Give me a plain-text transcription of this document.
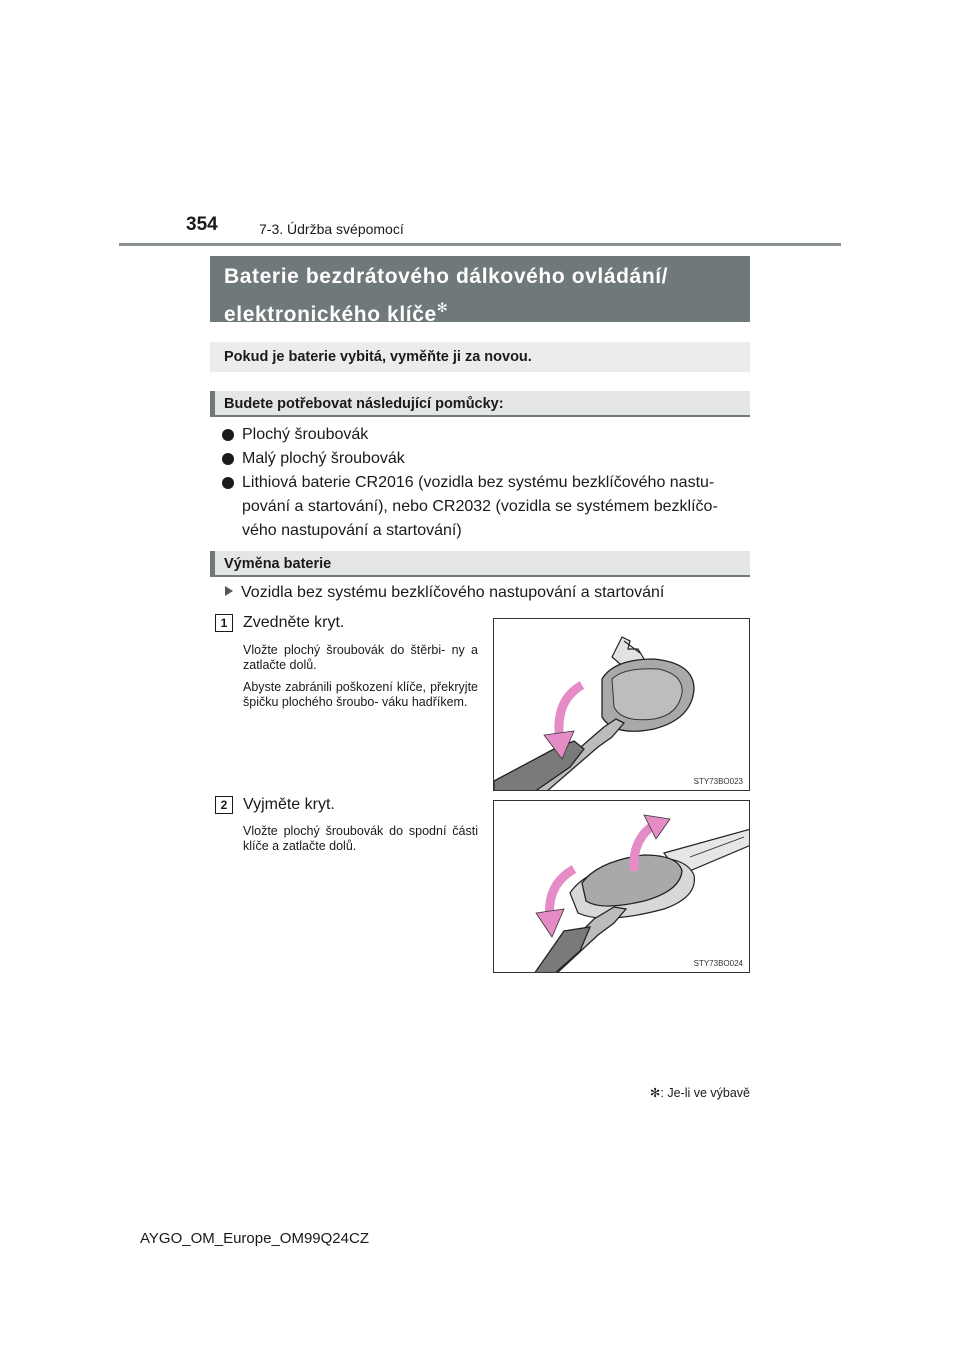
354	7-3. Údržba svépomocí
Baterie bezdrátového dálkového ovládání/
elektronického klíče✻
Pokud je baterie vybitá, vyměňte ji za novou.
Budete potřebovat následující pomůcky:
Plochý šroubovák
Malý plochý šroubovák
Lithiová baterie CR2016 (vozidla bez systému bezklíčového nastu-
pování a startování), nebo CR2032 (vozidla se systémem bezklíčo-
vého nastupování a startování)
Výměna baterie
Vozidla bez systému bezklíčového nastupování a startování
1 Zvedněte kryt.

Vložte plochý šroubovák do štěrbi- ny a zatlačte dolů.

Abyste zabránili poškození klíče, překryjte špičku plochého šroubo- váku hadříkem.

STY73BO023
2 Vyjměte kryt.

Vložte plochý šroubovák do spodní části klíče a zatlačte dolů.

STY73BO024
✻: Je-li ve výbavě
AYGO_OM_Europe_OM99Q24CZ
